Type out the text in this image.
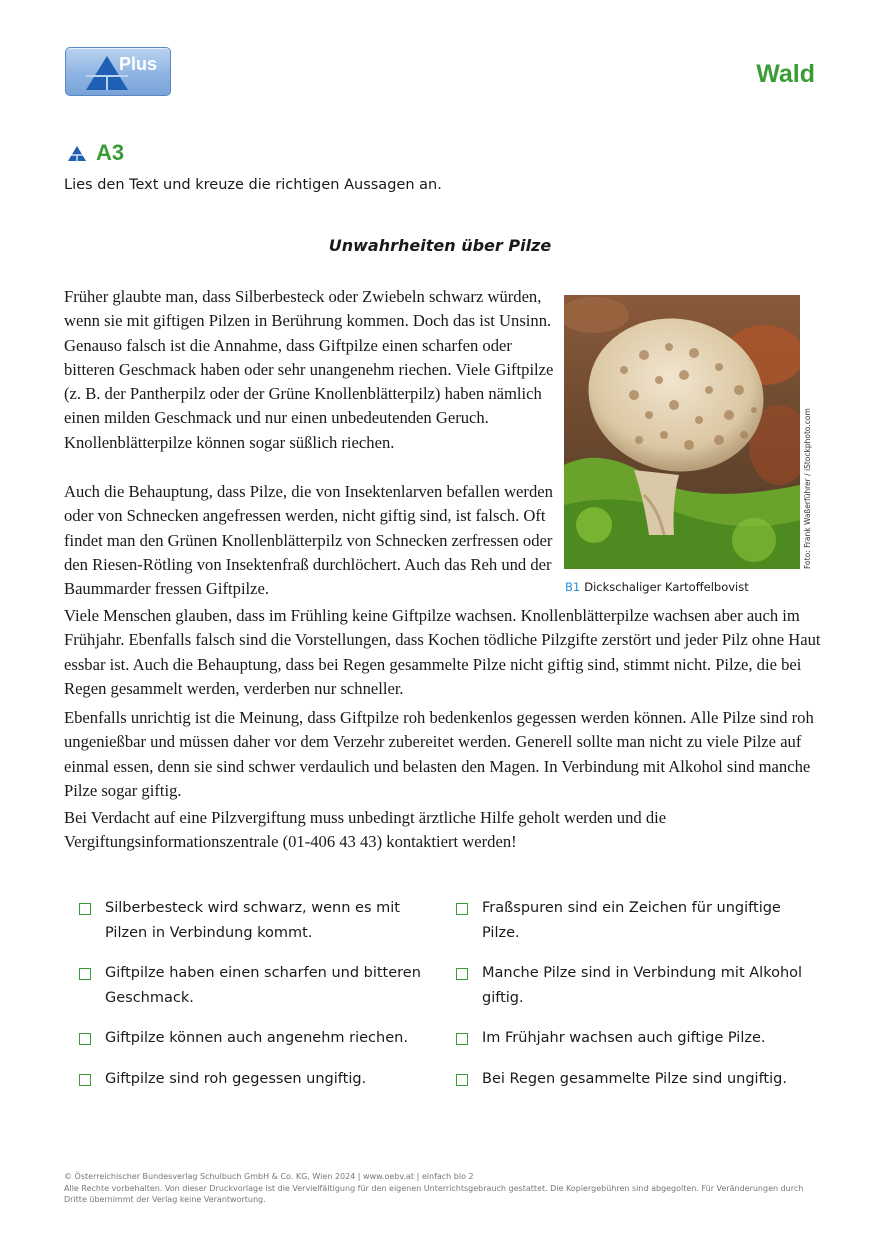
Plus	Wald
A3
Lies den Text und kreuze die richtigen Aussagen an.
Unwahrheiten über Pilze

Früher glaubte man, dass Silberbesteck oder Zwiebeln schwarz würden, wenn sie mit giftigen Pilzen in Berührung kommen. Doch das ist Unsinn. Genauso falsch ist die Annahme, dass Giftpilze einen scharfen oder bitteren Geschmack haben oder sehr unangenehm riechen. Viele Giftpilze (z. B. der Pantherpilz oder der Grüne Knollenblätterpilz) haben nämlich einen milden Geschmack und nur einen unbedeutenden Geruch. Knollenblätterpilze können sogar süßlich riechen.

Auch die Behauptung, dass Pilze, die von Insektenlarven befallen werden oder von Schnecken angefressen werden, nicht giftig sind, ist falsch. Oft findet man den Grünen Knollenblätterpilz von Schnecken zerfressen oder den Riesen-Rötling von Insektenfraß durchlöchert. Auch das Reh und der Baummarder fressen Giftpilze.

Viele Menschen glauben, dass im Frühling keine Giftpilze wachsen. Knollenblätterpilze wachsen aber auch im Frühjahr. Ebenfalls falsch sind die Vorstellungen, dass Kochen tödliche Pilzgifte zerstört und jeder Pilz ohne Haut essbar ist. Auch die Behauptung, dass bei Regen gesammelte Pilze nicht giftig sind, stimmt nicht. Pilze, die bei Regen gesammelt werden, verderben nur schneller.

Ebenfalls unrichtig ist die Meinung, dass Giftpilze roh bedenkenlos gegessen werden können. Alle Pilze sind roh ungenießbar und müssen daher vor dem Verzehr zubereitet werden. Generell sollte man nicht zu viele Pilze auf einmal essen, denn sie sind schwer verdaulich und belasten den Magen. In Verbindung mit Alkohol sind manche Pilze sogar giftig.

Bei Verdacht auf eine Pilzvergiftung muss unbedingt ärztliche Hilfe geholt werden und die Vergiftungsinformationszentrale (01-406 43 43) kontaktiert werden!

Foto: Frank Waßerführer / iStockphoto.com
B1 Dickschaliger Kartoffelbovist
Silberbesteck wird schwarz, wenn es mit Pilzen in Verbindung kommt.
Giftpilze haben einen scharfen und bitteren Geschmack.
Giftpilze können auch angenehm riechen.
Giftpilze sind roh gegessen ungiftig.
Fraßspuren sind ein Zeichen für ungiftige Pilze.
Manche Pilze sind in Verbindung mit Alkohol giftig.
Im Frühjahr wachsen auch giftige Pilze.
Bei Regen gesammelte Pilze sind ungiftig.
© Österreichischer Bundesverlag Schulbuch GmbH & Co. KG, Wien 2024 | www.oebv.at | einfach bio 2
Alle Rechte vorbehalten. Von dieser Druckvorlage ist die Vervielfältigung für den eigenen Unterrichtsgebrauch gestattet. Die Kopiergebühren sind abgegolten. Für Veränderungen durch Dritte übernimmt der Verlag keine Verantwortung.
